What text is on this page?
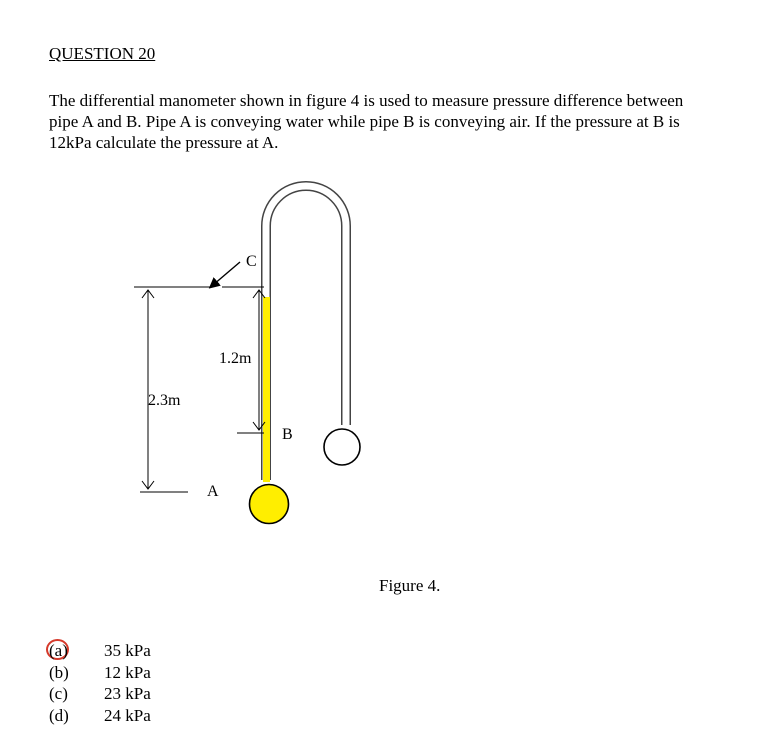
QUESTION 20
The differential manometer shown in figure 4 is used to measure pressure difference between
pipe A and B. Pipe A is conveying water while pipe B is conveying air. If the pressure at B is
12kPa calculate the pressure at A.
C
B
A
2.3m
1.2m
Figure 4.
(a) 35 kPa
(b) 12 kPa
(c) 23 kPa
(d) 24 kPa
